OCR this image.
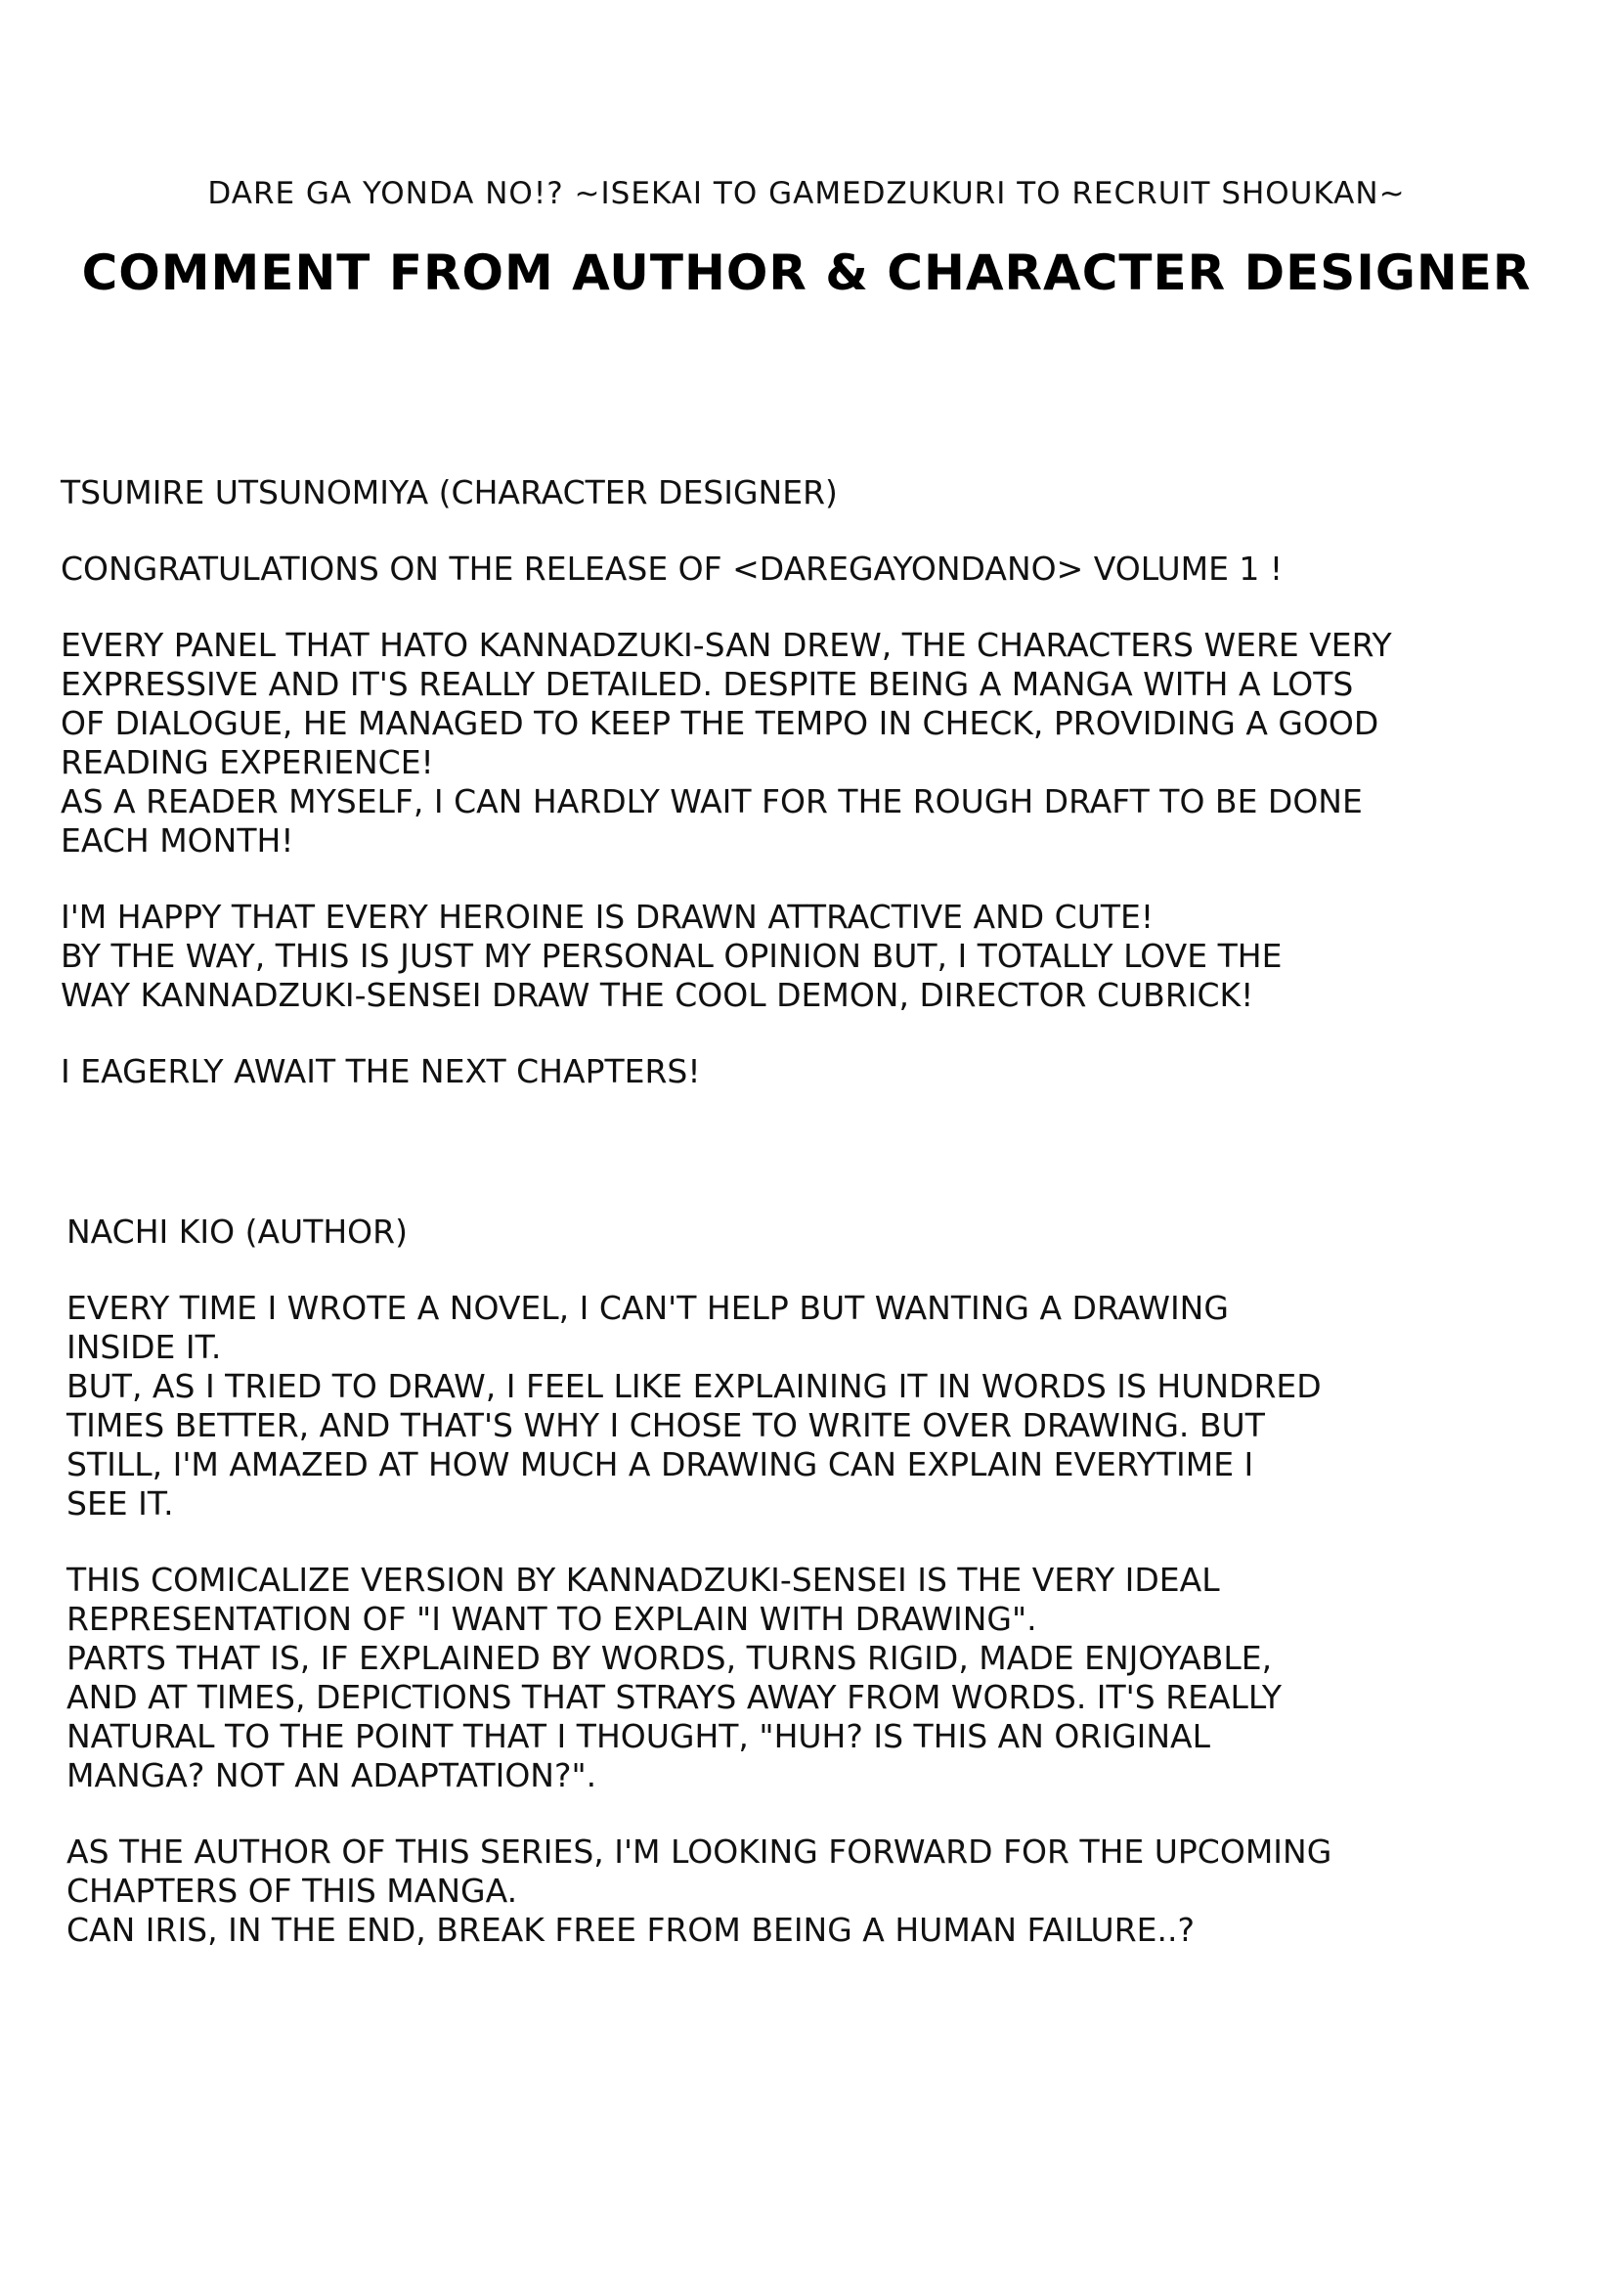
DARE GA YONDA NO!? ~ISEKAI TO GAMEDZUKURI TO RECRUIT SHOUKAN~
COMMENT FROM AUTHOR & CHARACTER DESIGNER
TSUMIRE UTSUNOMIYA (CHARACTER DESIGNER)
CONGRATULATIONS ON THE RELEASE OF <DAREGAYONDANO> VOLUME 1 !
EVERY PANEL THAT HATO KANNADZUKI-SAN DREW, THE CHARACTERS WERE VERY
EXPRESSIVE AND IT'S REALLY DETAILED. DESPITE BEING A MANGA WITH A LOTS
OF DIALOGUE, HE MANAGED TO KEEP THE TEMPO IN CHECK, PROVIDING A GOOD
READING EXPERIENCE!
AS A READER MYSELF, I CAN HARDLY WAIT FOR THE ROUGH DRAFT TO BE DONE
EACH MONTH!
I'M HAPPY THAT EVERY HEROINE IS DRAWN ATTRACTIVE AND CUTE!
BY THE WAY, THIS IS JUST MY PERSONAL OPINION BUT, I TOTALLY LOVE THE
WAY KANNADZUKI-SENSEI DRAW THE COOL DEMON, DIRECTOR CUBRICK!
I EAGERLY AWAIT THE NEXT CHAPTERS!
NACHI KIO (AUTHOR)
EVERY TIME I WROTE A NOVEL, I CAN'T HELP BUT WANTING A DRAWING
INSIDE IT.
BUT, AS I TRIED TO DRAW, I FEEL LIKE EXPLAINING IT IN WORDS IS HUNDRED
TIMES BETTER, AND THAT'S WHY I CHOSE TO WRITE OVER DRAWING. BUT
STILL, I'M AMAZED AT HOW MUCH A DRAWING CAN EXPLAIN EVERYTIME I
SEE IT.
THIS COMICALIZE VERSION BY KANNADZUKI-SENSEI IS THE VERY IDEAL
REPRESENTATION OF "I WANT TO EXPLAIN WITH DRAWING".
PARTS THAT IS, IF EXPLAINED BY WORDS, TURNS RIGID, MADE ENJOYABLE,
AND AT TIMES, DEPICTIONS THAT STRAYS AWAY FROM WORDS. IT'S REALLY
NATURAL TO THE POINT THAT I THOUGHT, "HUH? IS THIS AN ORIGINAL
MANGA? NOT AN ADAPTATION?".
AS THE AUTHOR OF THIS SERIES, I'M LOOKING FORWARD FOR THE UPCOMING
CHAPTERS OF THIS MANGA.
CAN IRIS, IN THE END, BREAK FREE FROM BEING A HUMAN FAILURE..?
